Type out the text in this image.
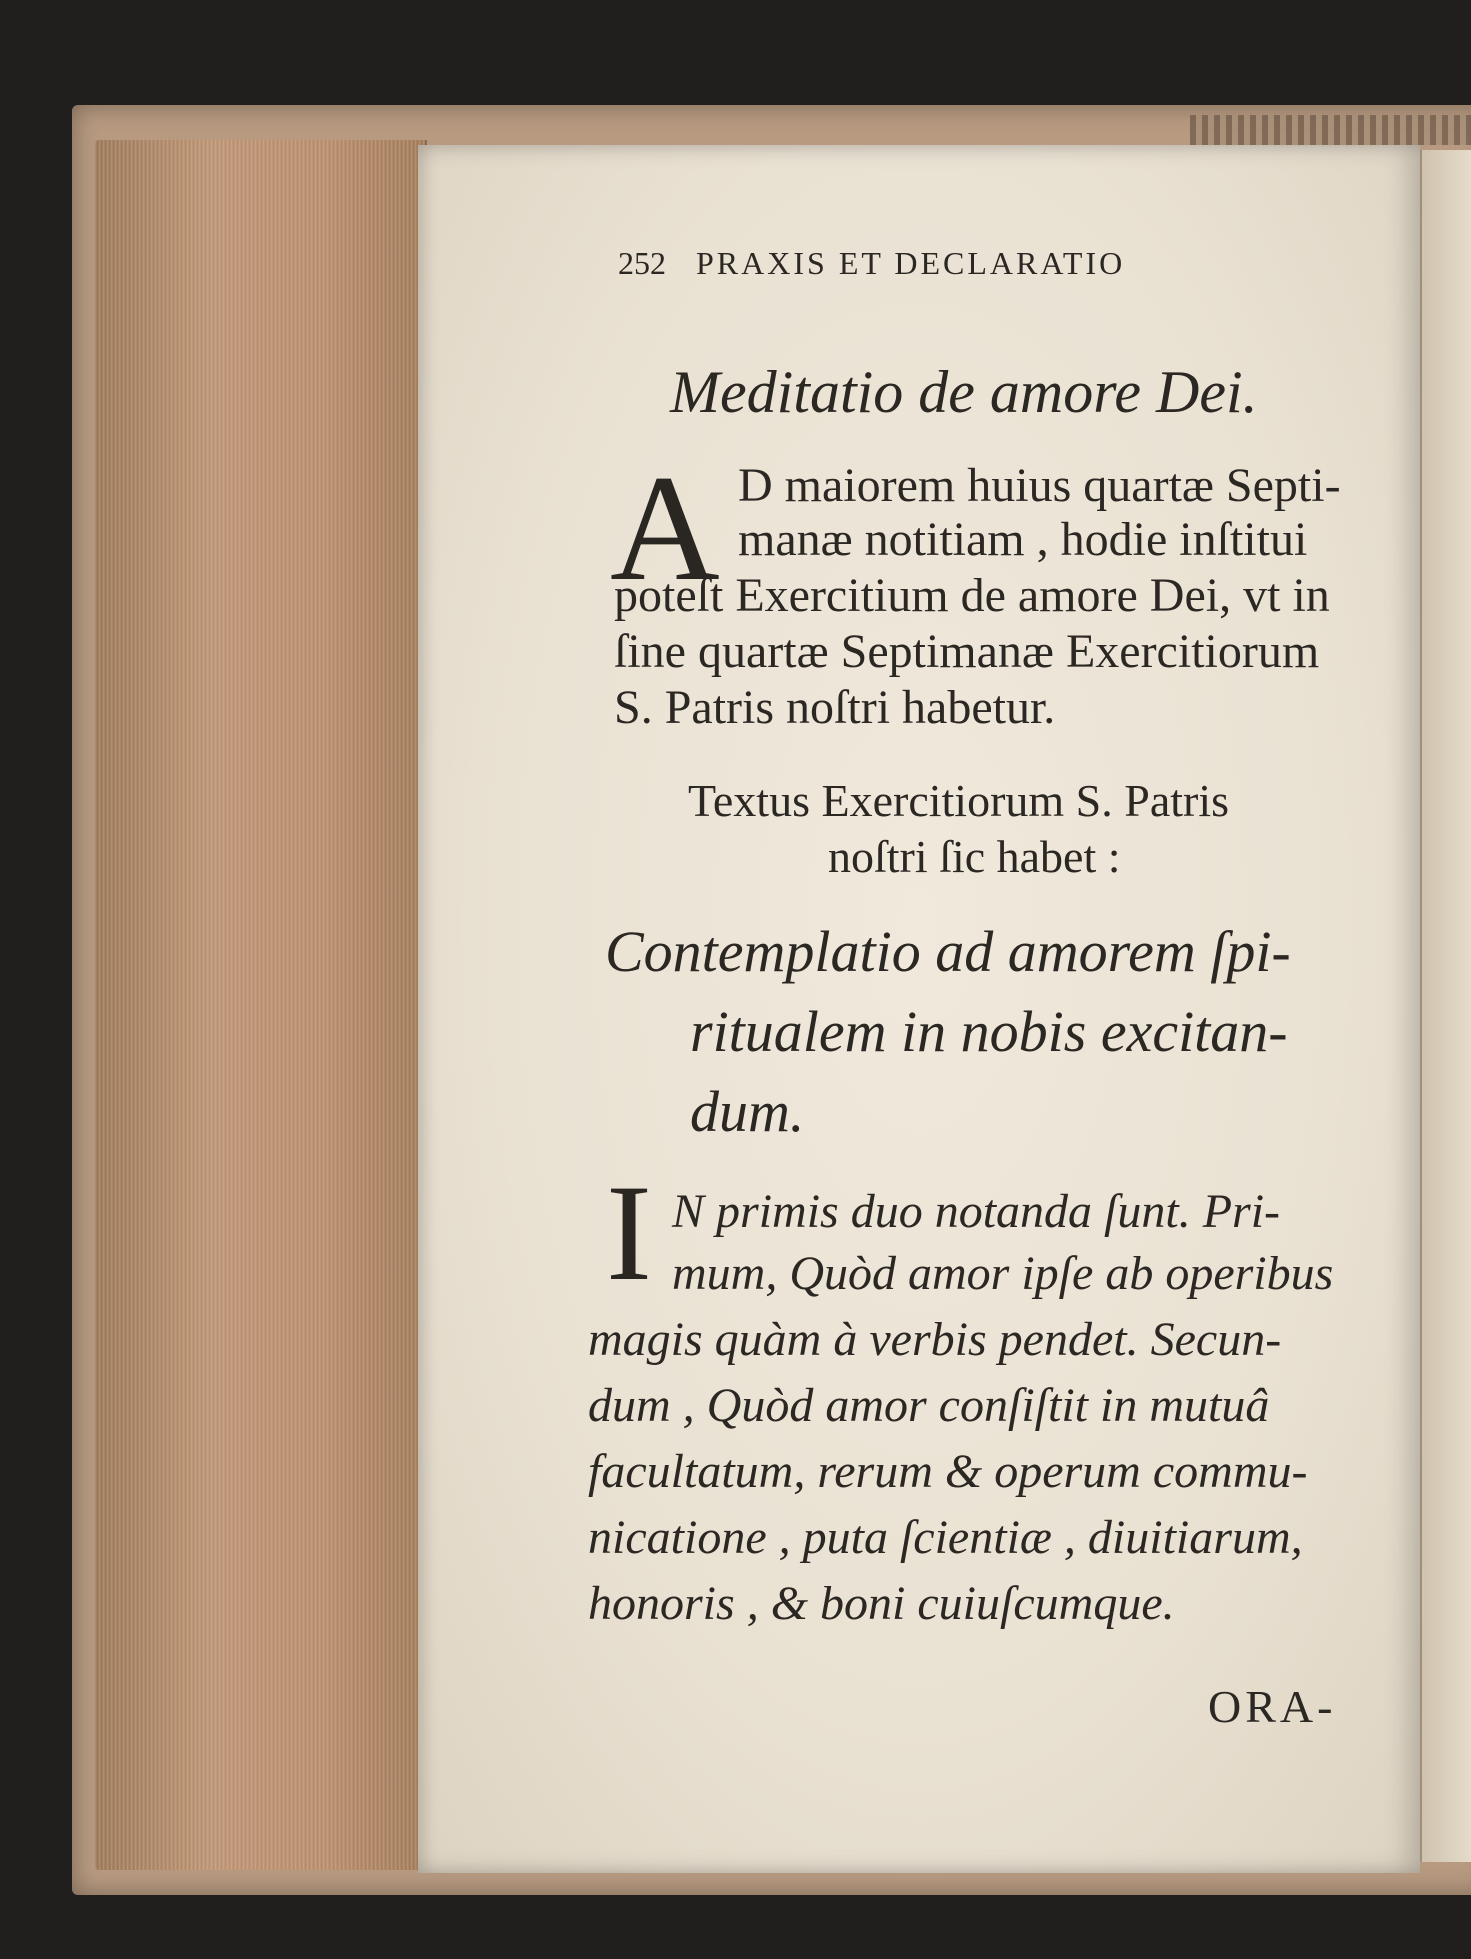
252 PRAXIS ET DECLARATIO
Meditatio de amore Dei.
A D maiorem huius quartæ Septi-
manæ notitiam , hodie inſtitui
poteſt Exercitium de amore Dei, vt in
ſine quartæ Septimanæ Exercitiorum
S. Patris noſtri habetur.
Textus Exercitiorum S. Patris
noſtri ſic habet :
Contemplatio ad amorem ſpi-
ritualem in nobis excitan-
dum.
I N primis duo notanda ſunt. Pri-
mum, Quòd amor ipſe ab operibus
magis quàm à verbis pendet. Secun-
dum , Quòd amor conſiſtit in mutuâ
facultatum, rerum & operum commu-
nicatione , puta ſcientiæ , diuitiarum,
honoris , & boni cuiuſcumque.
ORA-
